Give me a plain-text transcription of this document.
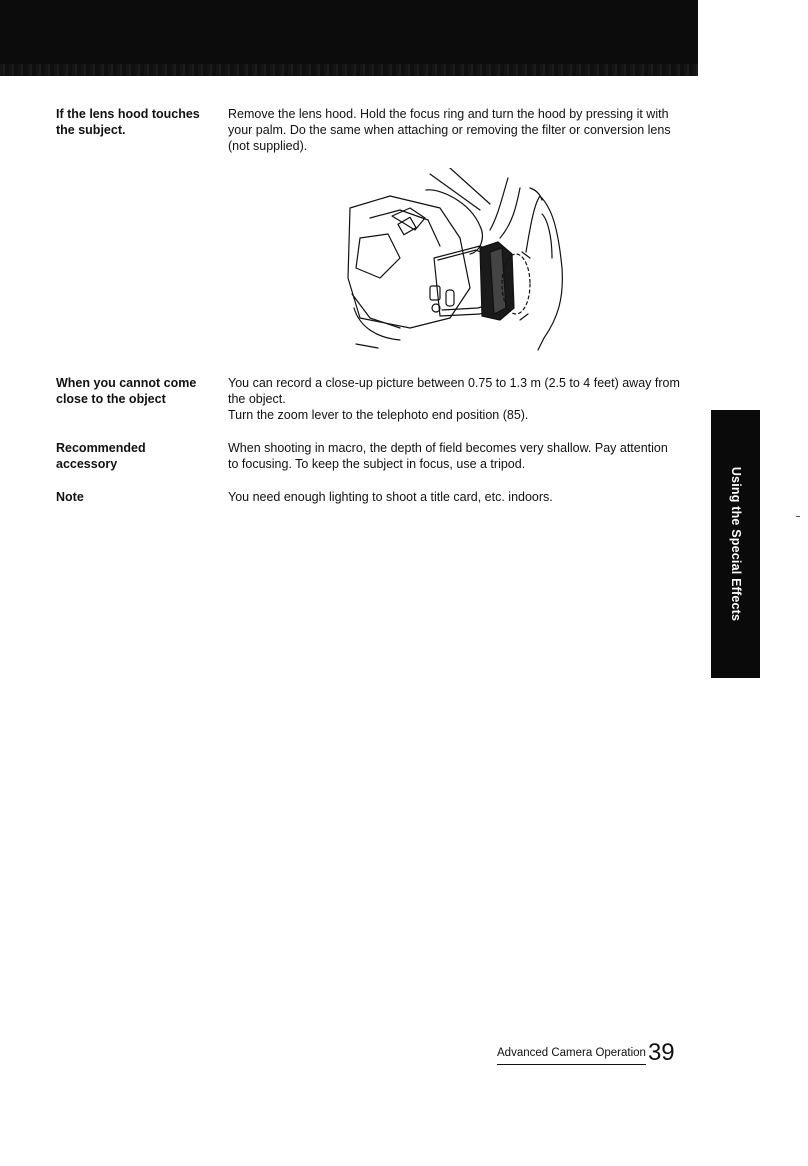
If the lens hood touches the subject.

Remove the lens hood. Hold the focus ring and turn the hood by pressing it with your palm. Do the same when attaching or removing the filter or conversion lens (not supplied).

When you cannot come close to the object

You can record a close-up picture between 0.75 to 1.3 m (2.5 to 4 feet) away from the object.

Turn the zoom lever to the telephoto end position (85).

Recommended accessory

When shooting in macro, the depth of field becomes very shallow. Pay attention to focusing. To keep the subject in focus, use a tripod.

Note	You need enough lighting to shoot a title card, etc. indoors.	Using the Special Effects
Advanced Camera Operation 39
